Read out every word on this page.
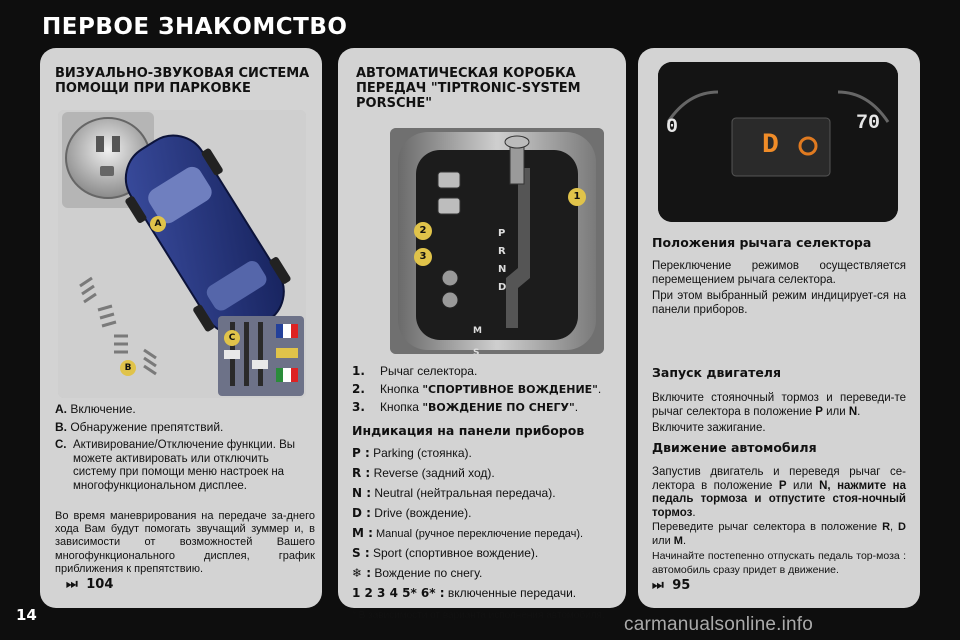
ПЕРВОЕ ЗНАКОМСТВО
ВИЗУАЛЬНО-ЗВУКОВАЯ СИСТЕМА
ПОМОЩИ ПРИ ПАРКОВКЕ
A
B
C
A. Включение.
B. Обнаружение препятствий.
C. Активирование/Отключение функции. Вы можете активировать или отключить систему при помощи меню настроек на многофункциональном дисплее.
Во время маневрирования на передаче за-днего хода Вам будут помогать звучащий зуммер и, в зависимости от возможностей Вашего многофункционального дисплея, график приближения к препятствию.
⏭ 104
АВТОМАТИЧЕСКАЯ КОРОБКА
ПЕРЕДАЧ "TIPTRONIC-SYSTEM
PORSCHE"
1
2
3
P
R
N
D
M
S
1. Рычаг селектора.
2. Кнопка "СПОРТИВНОЕ ВОЖДЕНИЕ".
3. Кнопка "ВОЖДЕНИЕ ПО СНЕГУ".
Индикация на панели приборов
P : Parking (стоянка).
R : Reverse (задний ход).
N : Neutral (нейтральная передача).
D : Drive (вождение).
M : Manual (ручное переключение передач).
S : Sport (спортивное вождение).
❄ : Вождение по снегу.
1 2 3 4 5* 6* : включенные передачи.
* В зависимости от варианта исполнения автомобиля.
0	70
D
Положения рычага селектора
Переключение режимов осуществляется перемещением рычага селектора.
При этом выбранный режим индицирует-ся на панели приборов.
Запуск двигателя
Включите стояночный тормоз и переведи-те рычаг селектора в положение P или N.
Включите зажигание.
Движение автомобиля
Запустив двигатель и переведя рычаг се-лектора в положение P или N, нажмите на педаль тормоза и отпустите стоя-ночный тормоз.
Переведите рычаг селектора в положение R, D или M.
Начинайте постепенно отпускать педаль тор-моза : автомобиль сразу придет в движение.
⏭ 95
14	carmanualsonline.info
